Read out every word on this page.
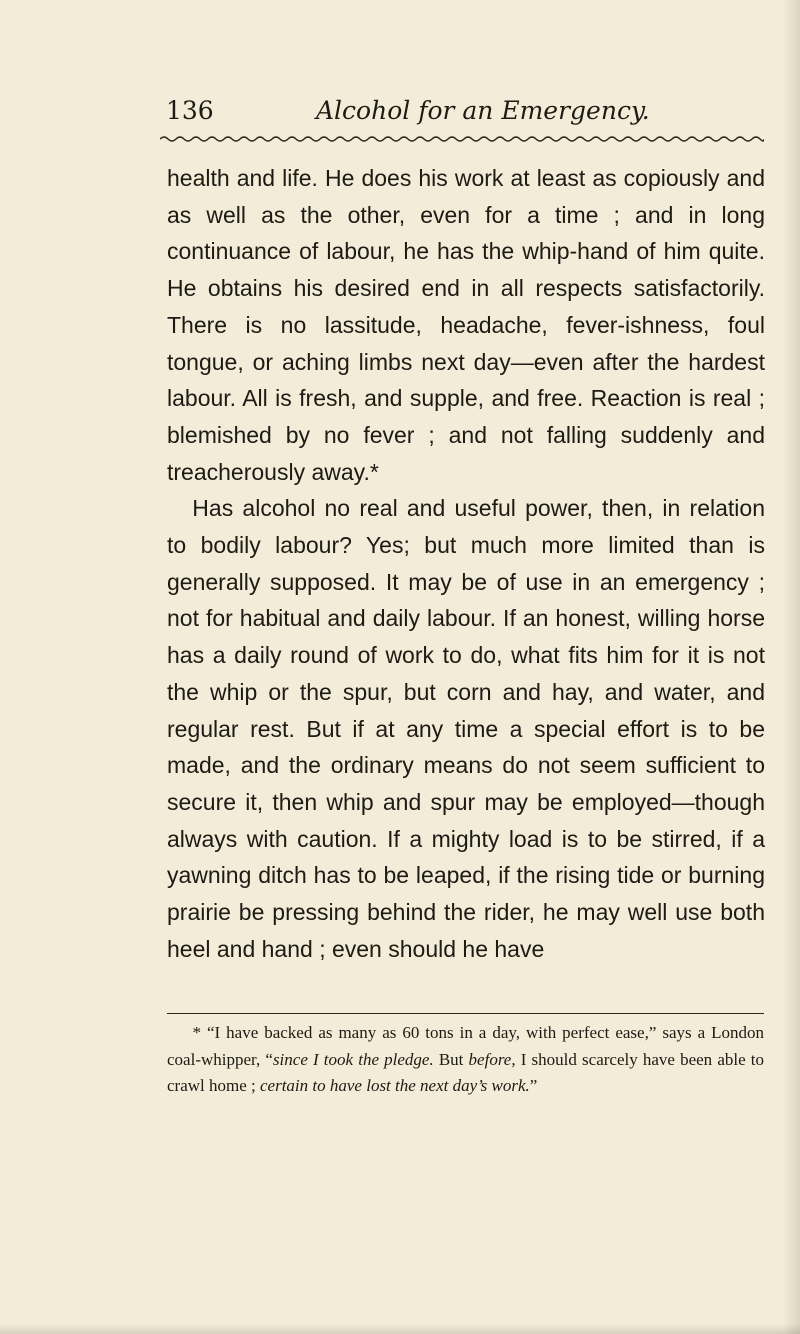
136	Alcohol for an Emergency.

health and life. He does his work at least as copiously and as well as the other, even for a time ; and in long continuance of labour, he has the whip-hand of him quite. He obtains his desired end in all respects satisfactorily. There is no lassitude, headache, fever-ishness, foul tongue, or aching limbs next day—even after the hardest labour. All is fresh, and supple, and free. Reaction is real ; blemished by no fever ; and not falling suddenly and treacherously away.*

Has alcohol no real and useful power, then, in relation to bodily labour? Yes; but much more limited than is generally supposed. It may be of use in an emergency ; not for habitual and daily labour. If an honest, willing horse has a daily round of work to do, what fits him for it is not the whip or the spur, but corn and hay, and water, and regular rest. But if at any time a special effort is to be made, and the ordinary means do not seem sufficient to secure it, then whip and spur may be employed—though always with caution. If a mighty load is to be stirred, if a yawning ditch has to be leaped, if the rising tide or burning prairie be pressing behind the rider, he may well use both heel and hand ; even should he have

* “I have backed as many as 60 tons in a day, with perfect ease,” says a London coal-whipper, “since I took the pledge. But before, I should scarcely have been able to crawl home ; certain to have lost the next day’s work.”
